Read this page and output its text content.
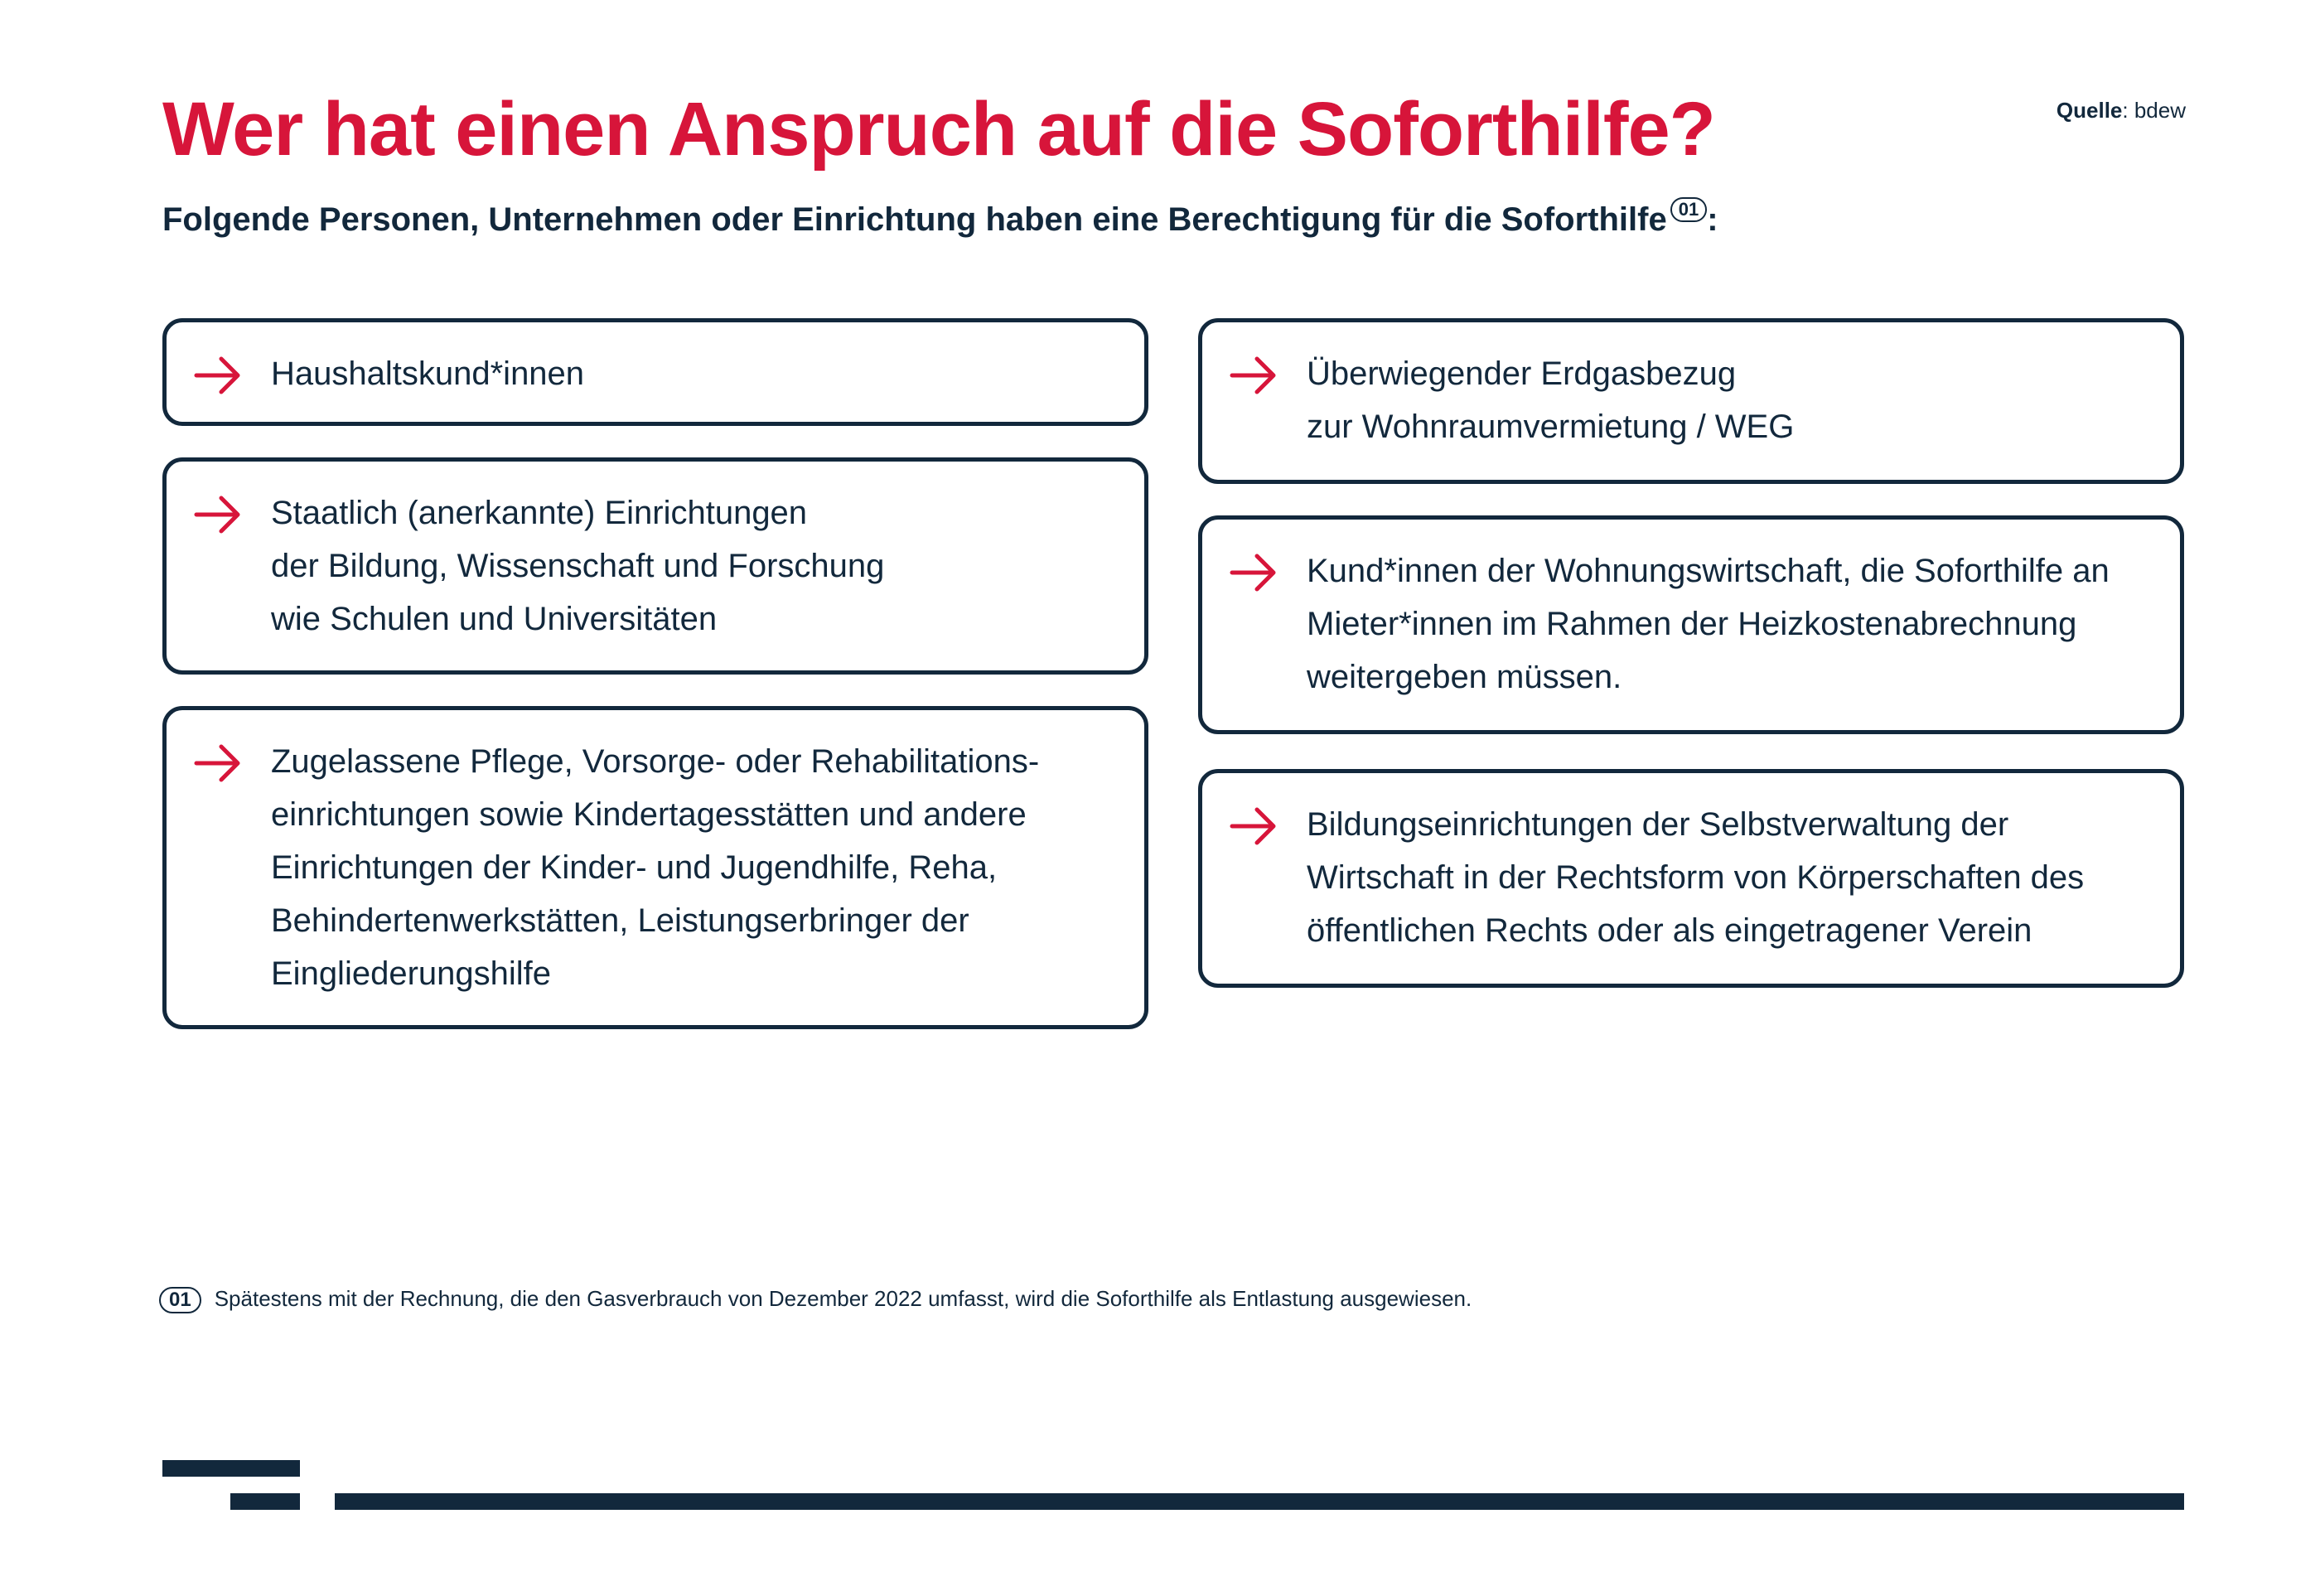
Quelle: bdew
Wer hat einen Anspruch auf die Soforthilfe?
Folgende Personen, Unternehmen oder Einrichtung haben eine Berechtigung für die Soforthilfe 01 :
Haushaltskund*innen
Staatlich (anerkannte) Einrichtungen
der Bildung, Wissenschaft und Forschung
wie Schulen und Universitäten
Zugelassene Pflege, Vorsorge- oder Rehabilitations-
einrichtungen sowie Kindertagesstätten und andere
Einrichtungen der Kinder- und Jugendhilfe, Reha,
Behindertenwerkstätten, Leistungserbringer der
Eingliederungshilfe
Überwiegender Erdgasbezug
zur Wohnraumvermietung / WEG
Kund*innen der Wohnungswirtschaft, die Soforthilfe an
Mieter*innen im Rahmen der Heizkostenabrechnung
weitergeben müssen.
Bildungseinrichtungen der Selbstverwaltung der
Wirtschaft in der Rechtsform von Körperschaften des
öffentlichen Rechts oder als eingetragener Verein
01 Spätestens mit der Rechnung, die den Gasverbrauch von Dezember 2022 umfasst, wird die Soforthilfe als Entlastung ausgewiesen.
